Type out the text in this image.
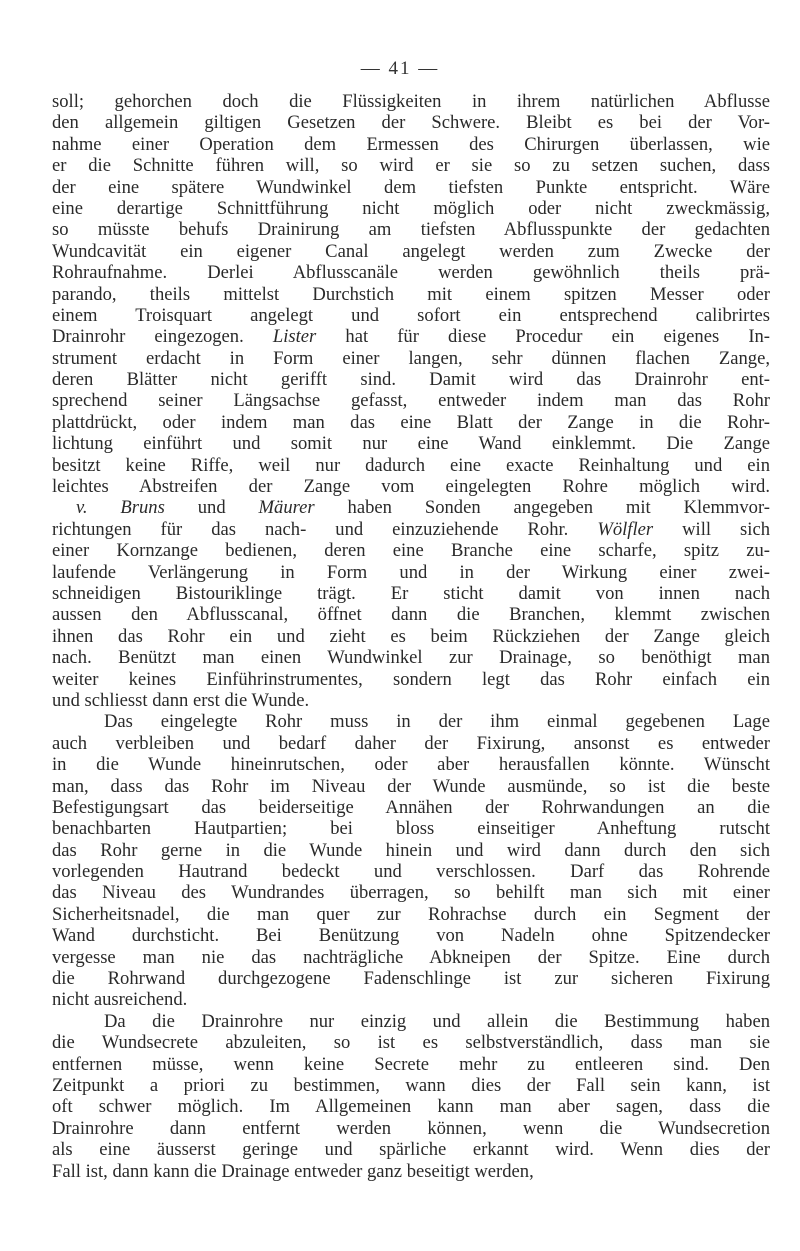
— 41 —
soll; gehorchen doch die Flüssigkeiten in ihrem natürlichen Abflusse
den allgemein giltigen Gesetzen der Schwere. Bleibt es bei der Vor-
nahme einer Operation dem Ermessen des Chirurgen überlassen, wie
er die Schnitte führen will, so wird er sie so zu setzen suchen, dass
der eine spätere Wundwinkel dem tiefsten Punkte entspricht. Wäre
eine derartige Schnittführung nicht möglich oder nicht zweckmässig,
so müsste behufs Drainirung am tiefsten Abflusspunkte der gedachten
Wundcavität ein eigener Canal angelegt werden zum Zwecke der
Rohraufnahme. Derlei Abflusscanäle werden gewöhnlich theils prä-
parando, theils mittelst Durchstich mit einem spitzen Messer oder
einem Troisquart angelegt und sofort ein entsprechend calibrirtes
Drainrohr eingezogen. Lister hat für diese Procedur ein eigenes In-
strument erdacht in Form einer langen, sehr dünnen flachen Zange,
deren Blätter nicht gerifft sind. Damit wird das Drainrohr ent-
sprechend seiner Längsachse gefasst, entweder indem man das Rohr
plattdrückt, oder indem man das eine Blatt der Zange in die Rohr-
lichtung einführt und somit nur eine Wand einklemmt. Die Zange
besitzt keine Riffe, weil nur dadurch eine exacte Reinhaltung und ein
leichtes Abstreifen der Zange vom eingelegten Rohre möglich wird.
v. Bruns und Mäurer haben Sonden angegeben mit Klemmvor-
richtungen für das nach- und einzuziehende Rohr. Wölfler will sich
einer Kornzange bedienen, deren eine Branche eine scharfe, spitz zu-
laufende Verlängerung in Form und in der Wirkung einer zwei-
schneidigen Bistouriklinge trägt. Er sticht damit von innen nach
aussen den Abflusscanal, öffnet dann die Branchen, klemmt zwischen
ihnen das Rohr ein und zieht es beim Rückziehen der Zange gleich
nach. Benützt man einen Wundwinkel zur Drainage, so benöthigt man
weiter keines Einführinstrumentes, sondern legt das Rohr einfach ein
und schliesst dann erst die Wunde.
Das eingelegte Rohr muss in der ihm einmal gegebenen Lage
auch verbleiben und bedarf daher der Fixirung, ansonst es entweder
in die Wunde hineinrutschen, oder aber herausfallen könnte. Wünscht
man, dass das Rohr im Niveau der Wunde ausmünde, so ist die beste
Befestigungsart das beiderseitige Annähen der Rohrwandungen an die
benachbarten Hautpartien; bei bloss einseitiger Anheftung rutscht
das Rohr gerne in die Wunde hinein und wird dann durch den sich
vorlegenden Hautrand bedeckt und verschlossen. Darf das Rohrende
das Niveau des Wundrandes überragen, so behilft man sich mit einer
Sicherheitsnadel, die man quer zur Rohrachse durch ein Segment der
Wand durchsticht. Bei Benützung von Nadeln ohne Spitzendecker
vergesse man nie das nachträgliche Abkneipen der Spitze. Eine durch
die Rohrwand durchgezogene Fadenschlinge ist zur sicheren Fixirung
nicht ausreichend.
Da die Drainrohre nur einzig und allein die Bestimmung haben
die Wundsecrete abzuleiten, so ist es selbstverständlich, dass man sie
entfernen müsse, wenn keine Secrete mehr zu entleeren sind. Den
Zeitpunkt a priori zu bestimmen, wann dies der Fall sein kann, ist
oft schwer möglich. Im Allgemeinen kann man aber sagen, dass die
Drainrohre dann entfernt werden können, wenn die Wundsecretion
als eine äusserst geringe und spärliche erkannt wird. Wenn dies der
Fall ist, dann kann die Drainage entweder ganz beseitigt werden,
